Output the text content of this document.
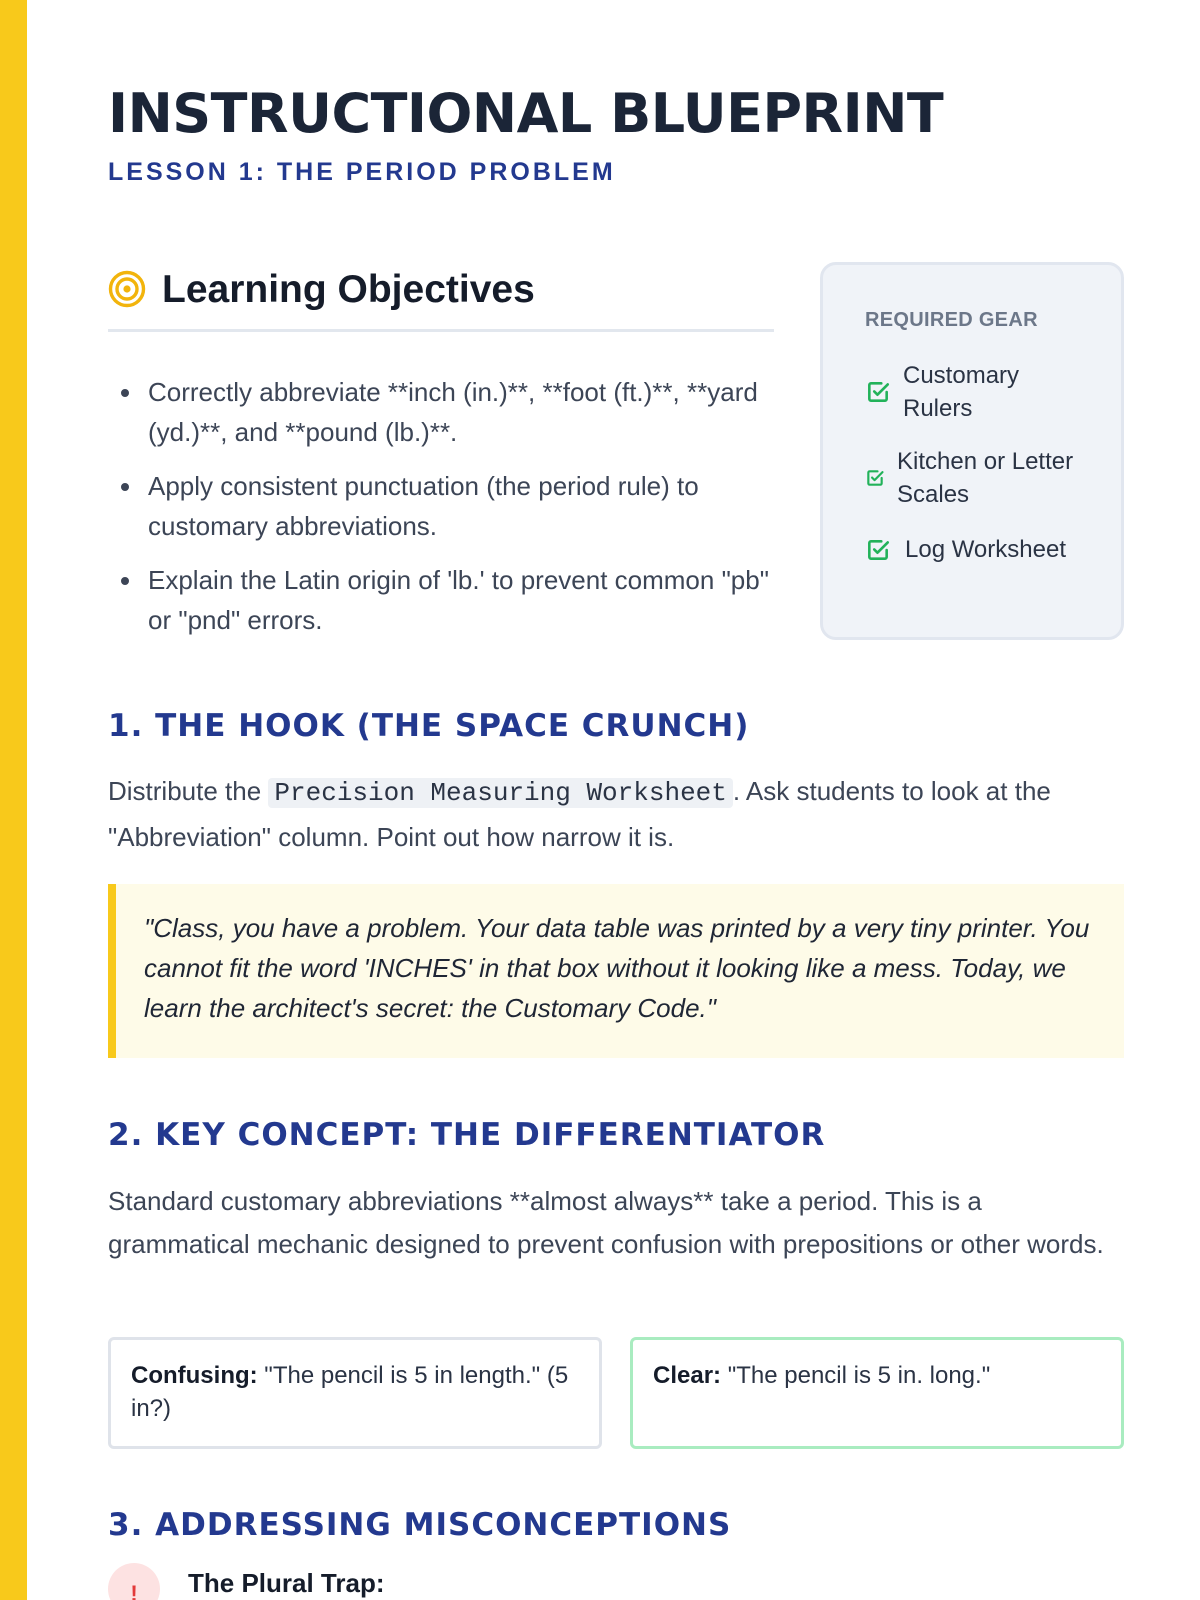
INSTRUCTIONAL BLUEPRINT
LESSON 1: THE PERIOD PROBLEM
Learning Objectives
Correctly abbreviate **inch (in.)**, **foot (ft.)**, **yard (yd.)**, and **pound (lb.)**.
Apply consistent punctuation (the period rule) to customary abbreviations.
Explain the Latin origin of 'lb.' to prevent common "pb" or "pnd" errors.
REQUIRED GEAR
Customary Rulers
Kitchen or Letter Scales
Log Worksheet
1. THE HOOK (THE SPACE CRUNCH)

Distribute the Precision Measuring Worksheet . Ask students to look at the "Abbreviation" column. Point out how narrow it is.

"Class, you have a problem. Your data table was printed by a very tiny printer. You cannot fit the word 'INCHES' in that box without it looking like a mess. Today, we learn the architect's secret: the Customary Code."

2. KEY CONCEPT: THE DIFFERENTIATOR

Standard customary abbreviations **almost always** take a period. This is a grammatical mechanic designed to prevent confusion with prepositions or other words.

Confusing: "The pencil is 5 in length." (5 in?)

Clear: "The pencil is 5 in. long."

3. ADDRESSING MISCONCEPTIONS
!	The Plural Trap:
